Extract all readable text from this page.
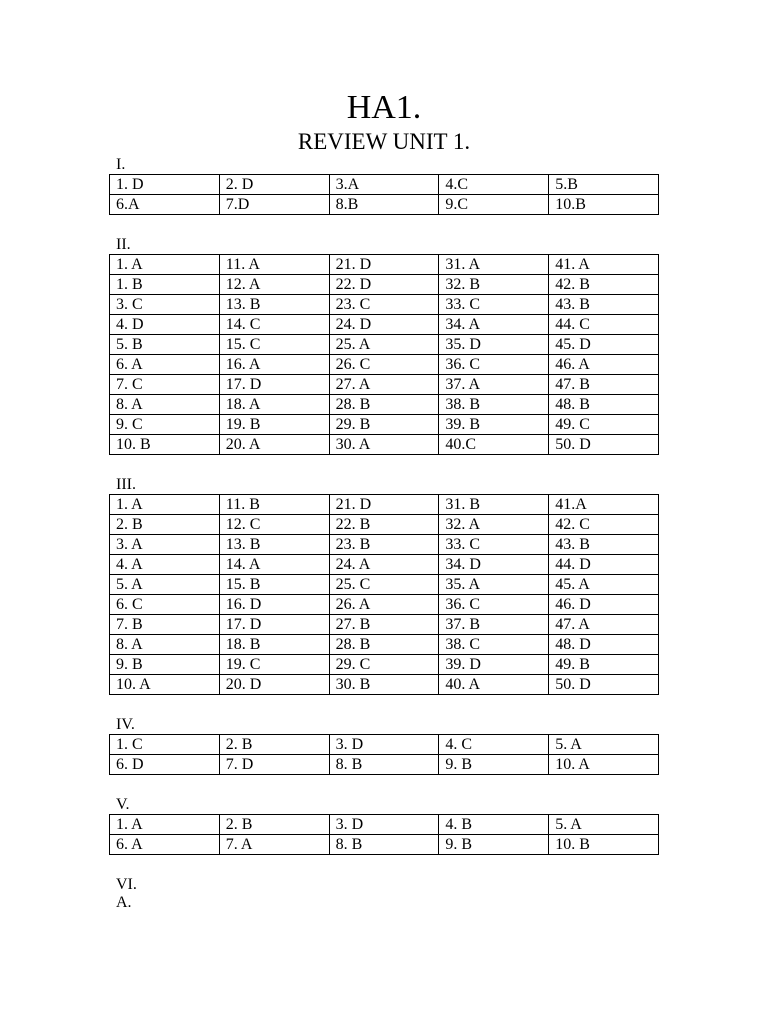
HA1.
REVIEW UNIT 1.
I.
1. D	2. D	3.A	4.C	5.B
6.A	7.D	8.B	9.C	10.B
II.
1. A	11. A	21. D	31. A	41. A
1. B	12. A	22. D	32. B	42. B
3. C	13. B	23. C	33. C	43. B
4. D	14. C	24. D	34. A	44. C
5. B	15. C	25. A	35. D	45. D
6. A	16. A	26. C	36. C	46. A
7. C	17. D	27. A	37. A	47. B
8. A	18. A	28. B	38. B	48. B
9. C	19. B	29. B	39. B	49. C
10. B	20. A	30. A	40.C	50. D
III.
1. A	11. B	21. D	31. B	41.A
2. B	12. C	22. B	32. A	42. C
3. A	13. B	23. B	33. C	43. B
4. A	14. A	24. A	34. D	44. D
5. A	15. B	25. C	35. A	45. A
6. C	16. D	26. A	36. C	46. D
7. B	17. D	27. B	37. B	47. A
8. A	18. B	28. B	38. C	48. D
9. B	19. C	29. C	39. D	49. B
10. A	20. D	30. B	40. A	50. D
IV.
1. C	2. B	3. D	4. C	5. A
6. D	7. D	8. B	9. B	10. A
V.
1. A	2. B	3. D	4. B	5. A
6. A	7. A	8. B	9. B	10. B
VI.
A.
